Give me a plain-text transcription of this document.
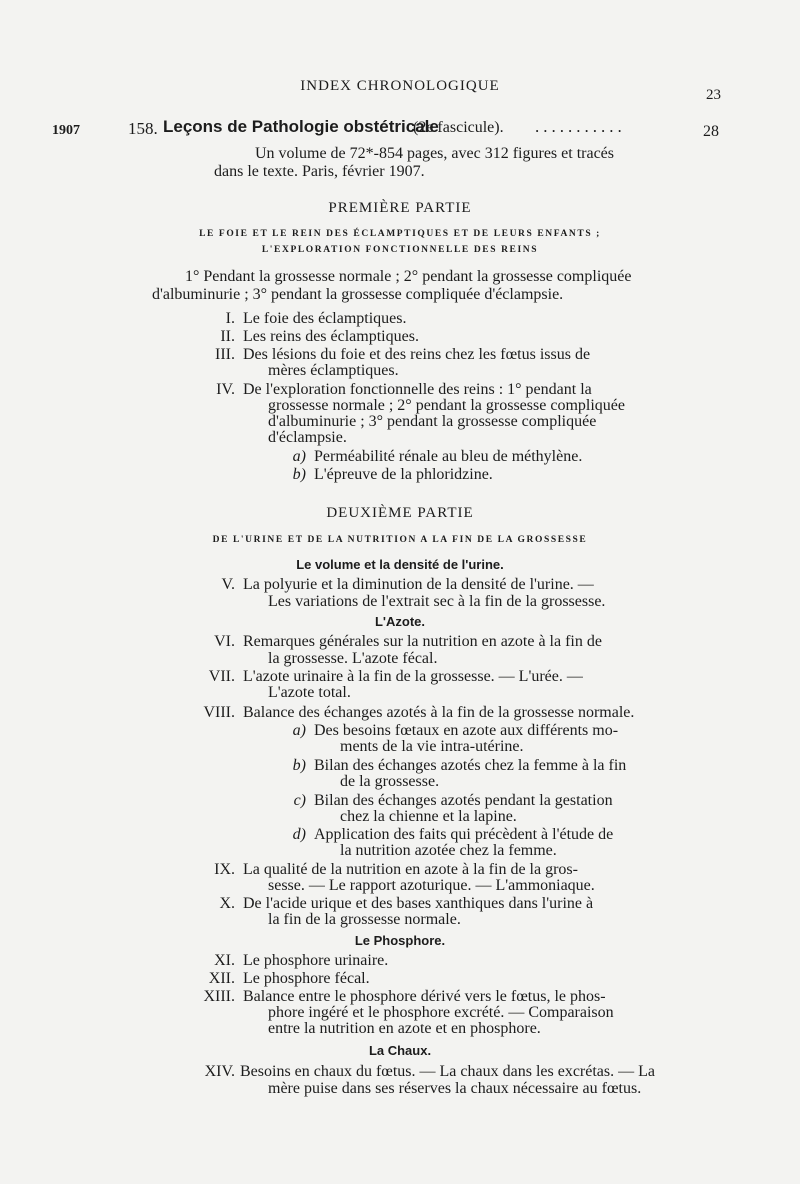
INDEX CHRONOLOGIQUE
23
1907	158. Leçons de Pathologie obstétricale
(2e fascicule). ...........	28
Un volume de 72*-854 pages, avec 312 figures et tracés
dans le texte. Paris, février 1907.
PREMIÈRE PARTIE
LE FOIE ET LE REIN DES ÉCLAMPTIQUES ET DE LEURS ENFANTS ;
L'EXPLORATION FONCTIONNELLE DES REINS
1° Pendant la grossesse normale ; 2° pendant la grossesse compliquée
d'albuminurie ; 3° pendant la grossesse compliquée d'éclampsie.
I. Le foie des éclamptiques.
II. Les reins des éclamptiques.
III. Des lésions du foie et des reins chez les fœtus issus de
mères éclamptiques.
IV. De l'exploration fonctionnelle des reins : 1° pendant la
grossesse normale ; 2° pendant la grossesse compliquée
d'albuminurie ; 3° pendant la grossesse compliquée
d'éclampsie.
a) Perméabilité rénale au bleu de méthylène.
b) L'épreuve de la phloridzine.
DEUXIÈME PARTIE
DE L'URINE ET DE LA NUTRITION A LA FIN DE LA GROSSESSE
Le volume et la densité de l'urine.
V. La polyurie et la diminution de la densité de l'urine. —
Les variations de l'extrait sec à la fin de la grossesse.
L'Azote.
VI. Remarques générales sur la nutrition en azote à la fin de
la grossesse. L'azote fécal.
VII. L'azote urinaire à la fin de la grossesse. — L'urée. —
L'azote total.
VIII. Balance des échanges azotés à la fin de la grossesse normale.
a) Des besoins fœtaux en azote aux différents mo-
ments de la vie intra-utérine.
b) Bilan des échanges azotés chez la femme à la fin
de la grossesse.
c) Bilan des échanges azotés pendant la gestation
chez la chienne et la lapine.
d) Application des faits qui précèdent à l'étude de
la nutrition azotée chez la femme.
IX. La qualité de la nutrition en azote à la fin de la gros-
sesse. — Le rapport azoturique. — L'ammoniaque.
X. De l'acide urique et des bases xanthiques dans l'urine à
la fin de la grossesse normale.
Le Phosphore.
XI. Le phosphore urinaire.
XII. Le phosphore fécal.
XIII. Balance entre le phosphore dérivé vers le fœtus, le phos-
phore ingéré et le phosphore excrété. — Comparaison
entre la nutrition en azote et en phosphore.
La Chaux.
XIV. Besoins en chaux du fœtus. — La chaux dans les excrétas. — La
mère puise dans ses réserves la chaux nécessaire au fœtus.
